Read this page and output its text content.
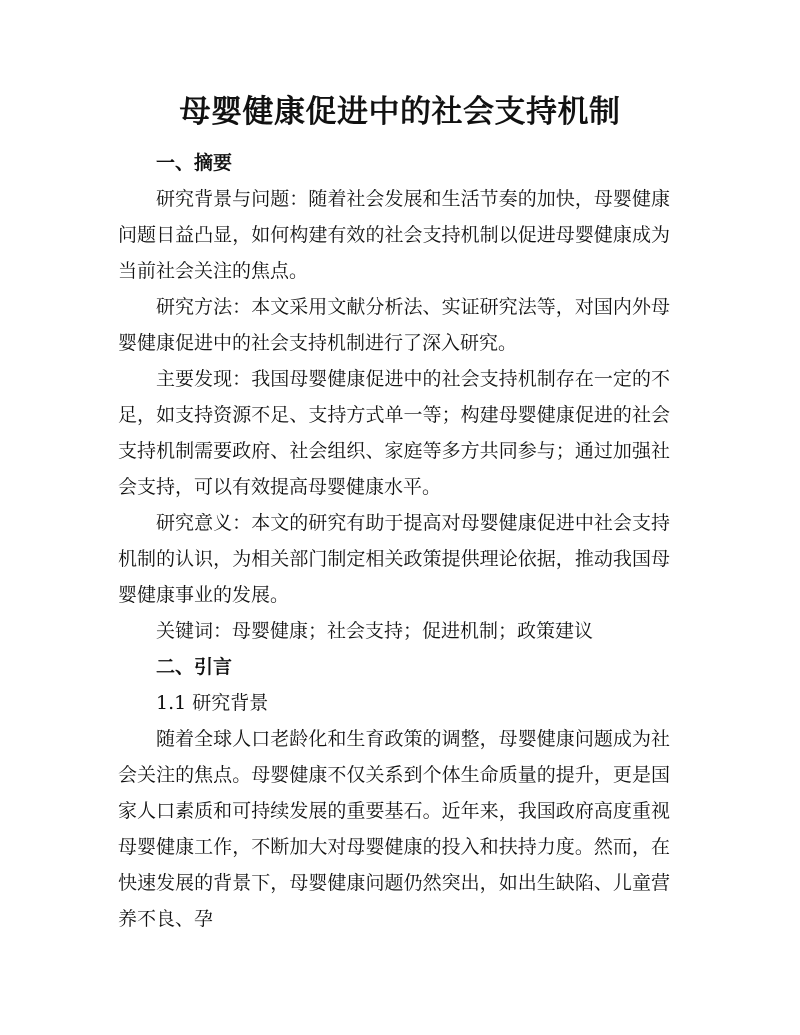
母婴健康促进中的社会支持机制
一、摘要

研究背景与问题：随着社会发展和生活节奏的加快，母婴健康问题日益凸显，如何构建有效的社会支持机制以促进母婴健康成为当前社会关注的焦点。

研究方法：本文采用文献分析法、实证研究法等，对国内外母婴健康促进中的社会支持机制进行了深入研究。

主要发现：我国母婴健康促进中的社会支持机制存在一定的不足，如支持资源不足、支持方式单一等；构建母婴健康促进的社会支持机制需要政府、社会组织、家庭等多方共同参与；通过加强社会支持，可以有效提高母婴健康水平。

研究意义：本文的研究有助于提高对母婴健康促进中社会支持机制的认识，为相关部门制定相关政策提供理论依据，推动我国母婴健康事业的发展。

关键词：母婴健康；社会支持；促进机制；政策建议
二、引言
1.1 研究背景

随着全球人口老龄化和生育政策的调整，母婴健康问题成为社会关注的焦点。母婴健康不仅关系到个体生命质量的提升，更是国家人口素质和可持续发展的重要基石。近年来，我国政府高度重视母婴健康工作，不断加大对母婴健康的投入和扶持力度。然而，在快速发展的背景下，母婴健康问题仍然突出，如出生缺陷、儿童营养不良、孕
